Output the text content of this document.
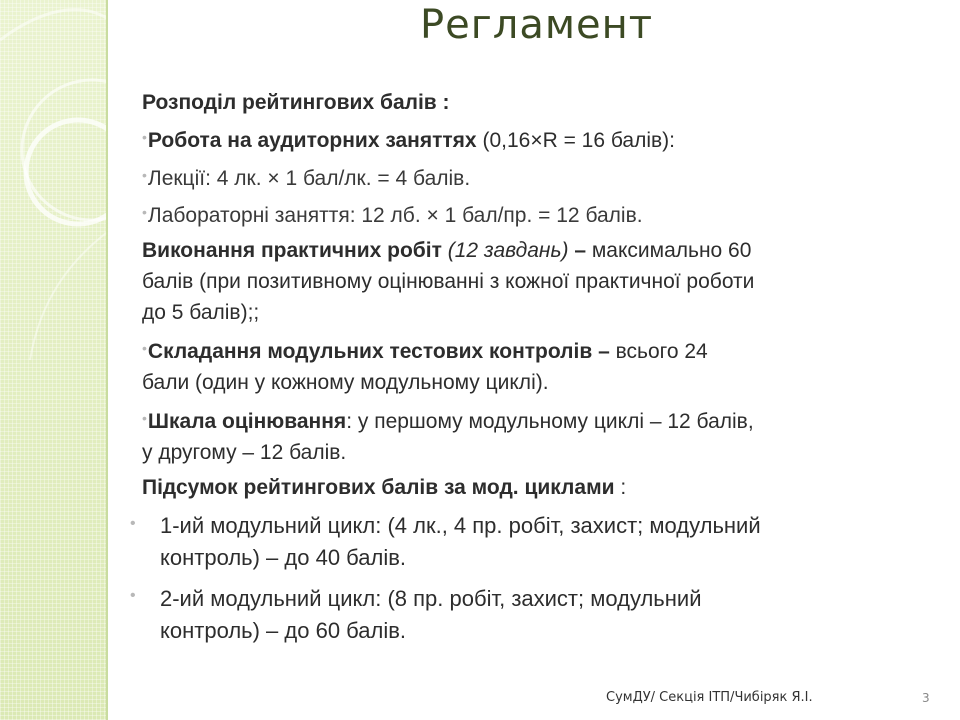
Регламент
Розподіл рейтингових балів :
•Робота на аудиторних заняттях (0,16×R = 16 балів):
•Лекції: 4 лк. × 1 бал/лк. = 4 балів.
•Лабораторні заняття: 12 лб. × 1 бал/пр. = 12 балів.
Виконання практичних робіт (12 завдань) – максимально 60
балів (при позитивному оцінюванні з кожної практичної роботи
до 5 балів);;
•Складання модульних тестових контролів – всього 24
бали (один у кожному модульному циклі).
•Шкала оцінювання: у першому модульному циклі – 12 балів,
у другому – 12 балів.
Підсумок рейтингових балів за мод. циклами :
• 1-ий модульний цикл: (4 лк., 4 пр. робіт, захист; модульний
контроль) – до 40 балів.
• 2-ий модульний цикл: (8 пр. робіт, захист; модульний
контроль) – до 60 балів.
СумДУ/ Секція ІТП/Чибіряк Я.І.	3
